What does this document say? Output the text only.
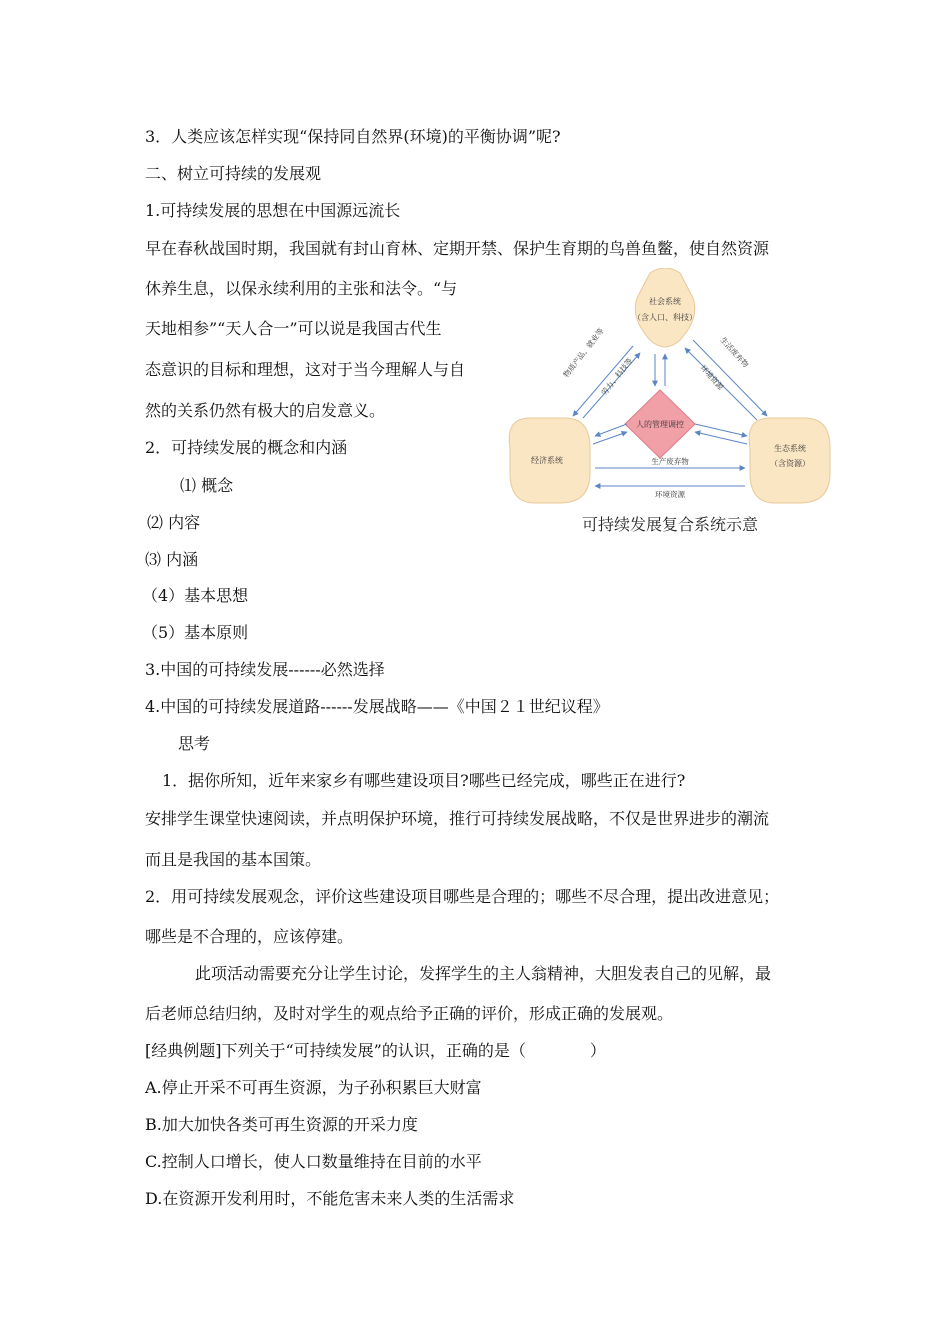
3．人类应该怎样实现“保持同自然界(环境)的平衡协调”呢?
二、树立可持续的发展观
1.可持续发展的思想在中国源远流长
早在春秋战国时期，我国就有封山育林、定期开禁、保护生育期的鸟兽鱼鳖，使自然资源
休养生息，以保永续利用的主张和法令。“与
天地相参”“天人合一”可以说是我国古代生
态意识的目标和理想，这对于当今理解人与自
然的关系仍然有极大的启发意义。
2．可持续发展的概念和内涵
⑴ 概念
⑵ 内容
⑶ 内涵
（4）基本思想
（5）基本原则
3.中国的可持续发展------必然选择
4.中国的可持续发展道路------发展战略——《中国２１世纪议程》
思考
1．据你所知，近年来家乡有哪些建设项目?哪些已经完成，哪些正在进行?
安排学生课堂快速阅读，并点明保护环境，推行可持续发展战略，不仅是世界进步的潮流
而且是我国的基本国策。
2．用可持续发展观念，评价这些建设项目哪些是合理的；哪些不尽合理，提出改进意见；
哪些是不合理的，应该停建。
此项活动需要充分让学生讨论，发挥学生的主人翁精神，大胆发表自己的见解，最
后老师总结归纳，及时对学生的观点给予正确的评价，形成正确的发展观。
[经典例题]下列关于“可持续发展”的认识，正确的是（　　　　）
A.停止开采不可再生资源，为子孙积累巨大财富
B.加大加快各类可再生资源的开采力度
C.控制人口增长，使人口数量维持在目前的水平
D.在资源开发利用时，不能危害未来人类的生活需求
社会系统
（含人口、科技）
经济系统
生态系统
（含资源）
人的管理调控
物质产品、就业等
劳力、科技等
生活废弃物
环境资源
生产废弃物
环境资源
可持续发展复合系统示意
